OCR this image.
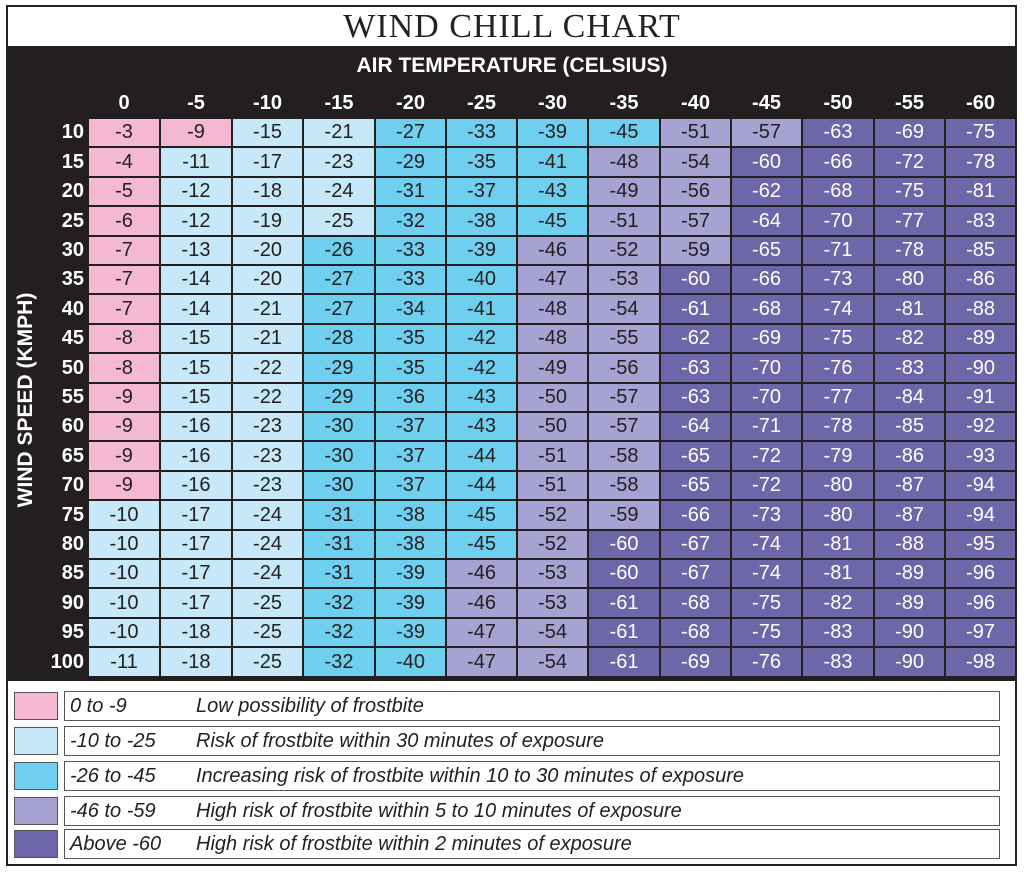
WIND CHILL CHART
AIR TEMPERATURE (CELSIUS)
WIND SPEED (KMPH)
0	-5	-10	-15	-20	-25	-30	-35	-40	-45	-50	-55	-60
10	-3	-9	-15	-21	-27	-33	-39	-45	-51	-57	-63	-69	-75
15	-4	-11	-17	-23	-29	-35	-41	-48	-54	-60	-66	-72	-78
20	-5	-12	-18	-24	-31	-37	-43	-49	-56	-62	-68	-75	-81
25	-6	-12	-19	-25	-32	-38	-45	-51	-57	-64	-70	-77	-83
30	-7	-13	-20	-26	-33	-39	-46	-52	-59	-65	-71	-78	-85
35	-7	-14	-20	-27	-33	-40	-47	-53	-60	-66	-73	-80	-86
40	-7	-14	-21	-27	-34	-41	-48	-54	-61	-68	-74	-81	-88
45	-8	-15	-21	-28	-35	-42	-48	-55	-62	-69	-75	-82	-89
50	-8	-15	-22	-29	-35	-42	-49	-56	-63	-70	-76	-83	-90
55	-9	-15	-22	-29	-36	-43	-50	-57	-63	-70	-77	-84	-91
60	-9	-16	-23	-30	-37	-43	-50	-57	-64	-71	-78	-85	-92
65	-9	-16	-23	-30	-37	-44	-51	-58	-65	-72	-79	-86	-93
70	-9	-16	-23	-30	-37	-44	-51	-58	-65	-72	-80	-87	-94
75	-10	-17	-24	-31	-38	-45	-52	-59	-66	-73	-80	-87	-94
80	-10	-17	-24	-31	-38	-45	-52	-60	-67	-74	-81	-88	-95
85	-10	-17	-24	-31	-39	-46	-53	-60	-67	-74	-81	-89	-96
90	-10	-17	-25	-32	-39	-46	-53	-61	-68	-75	-82	-89	-96
95	-10	-18	-25	-32	-39	-47	-54	-61	-68	-75	-83	-90	-97
100	-11	-18	-25	-32	-40	-47	-54	-61	-69	-76	-83	-90	-98
0 to -9	Low possibility of frostbite
-10 to -25 Risk of frostbite within 30 minutes of exposure
-26 to -45 Increasing risk of frostbite within 10 to 30 minutes of exposure
-46 to -59 High risk of frostbite within 5 to 10 minutes of exposure
Above -60 High risk of frostbite within 2 minutes of exposure
